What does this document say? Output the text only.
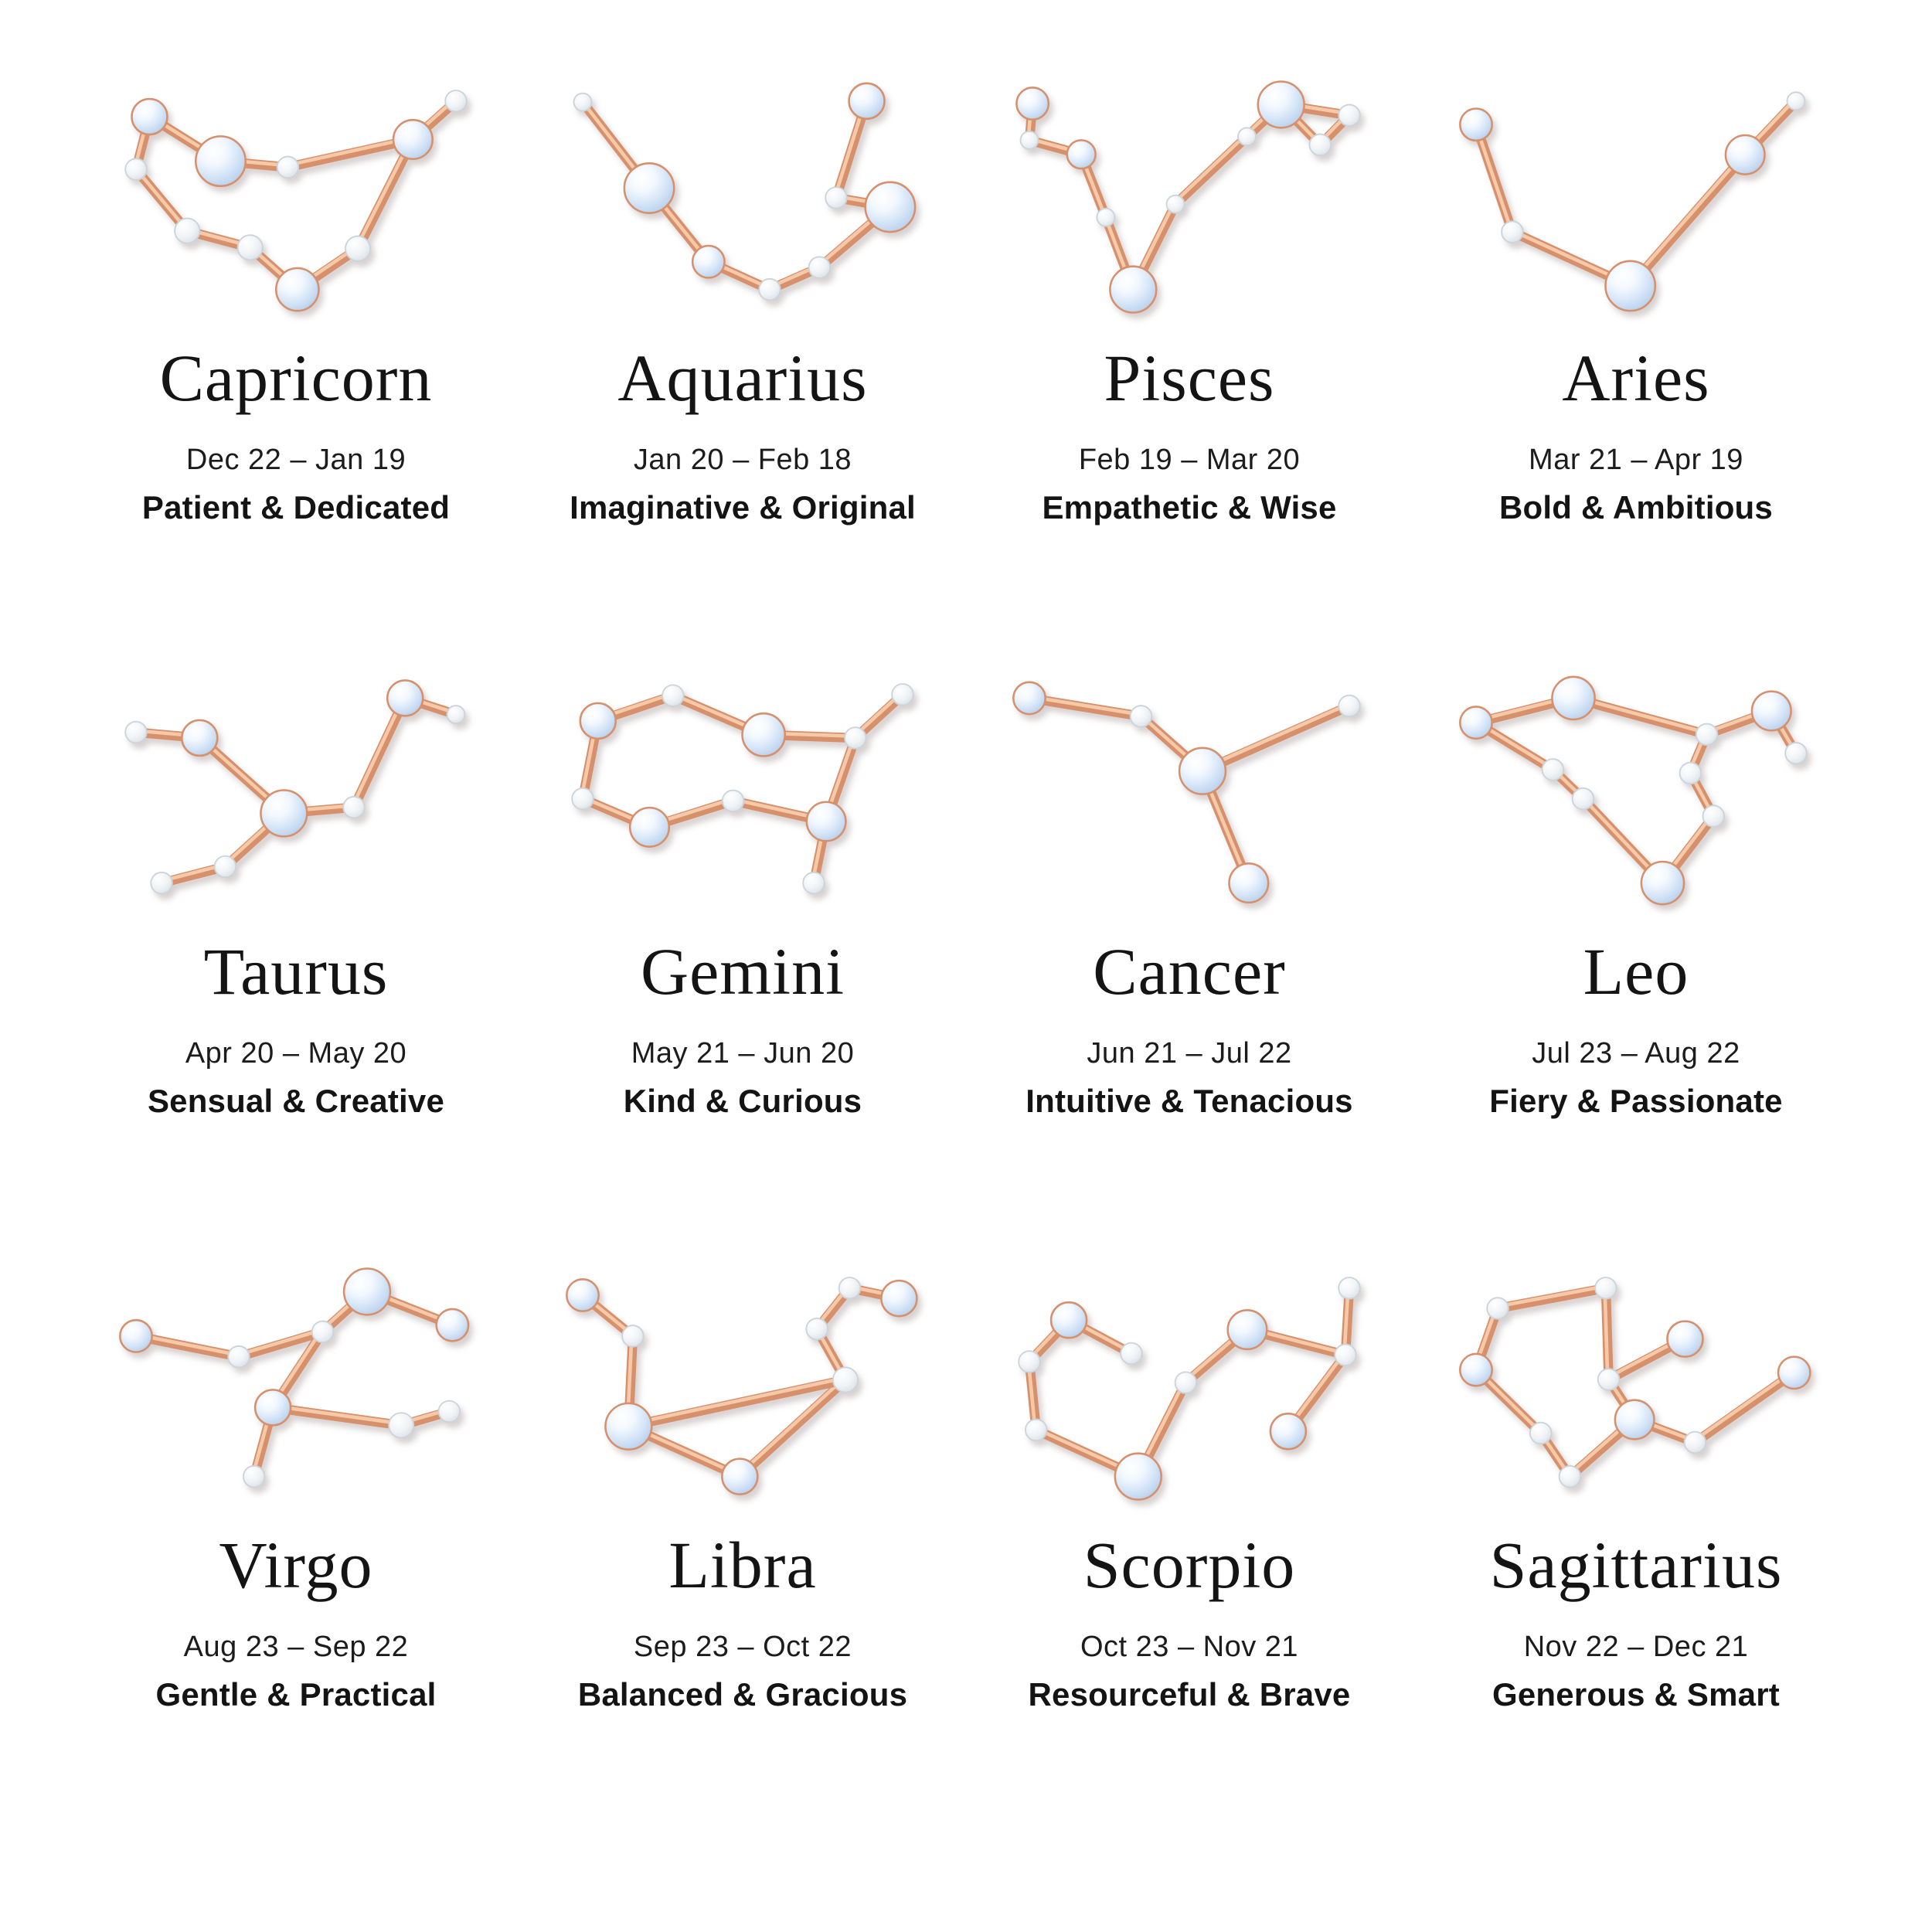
Capricorn

Dec 22 – Jan 19

Patient & Dedicated

Aquarius

Jan 20 – Feb 18

Imaginative & Original

Pisces

Feb 19 – Mar 20

Empathetic & Wise

Aries

Mar 21 – Apr 19

Bold & Ambitious

Taurus

Apr 20 – May 20

Sensual & Creative

Gemini

May 21 – Jun 20

Kind & Curious

Cancer

Jun 21 – Jul 22

Intuitive & Tenacious

Leo

Jul 23 – Aug 22

Fiery & Passionate

Virgo

Aug 23 – Sep 22

Gentle & Practical

Libra

Sep 23 – Oct 22

Balanced & Gracious

Scorpio

Oct 23 – Nov 21

Resourceful & Brave

Sagittarius

Nov 22 – Dec 21

Generous & Smart
